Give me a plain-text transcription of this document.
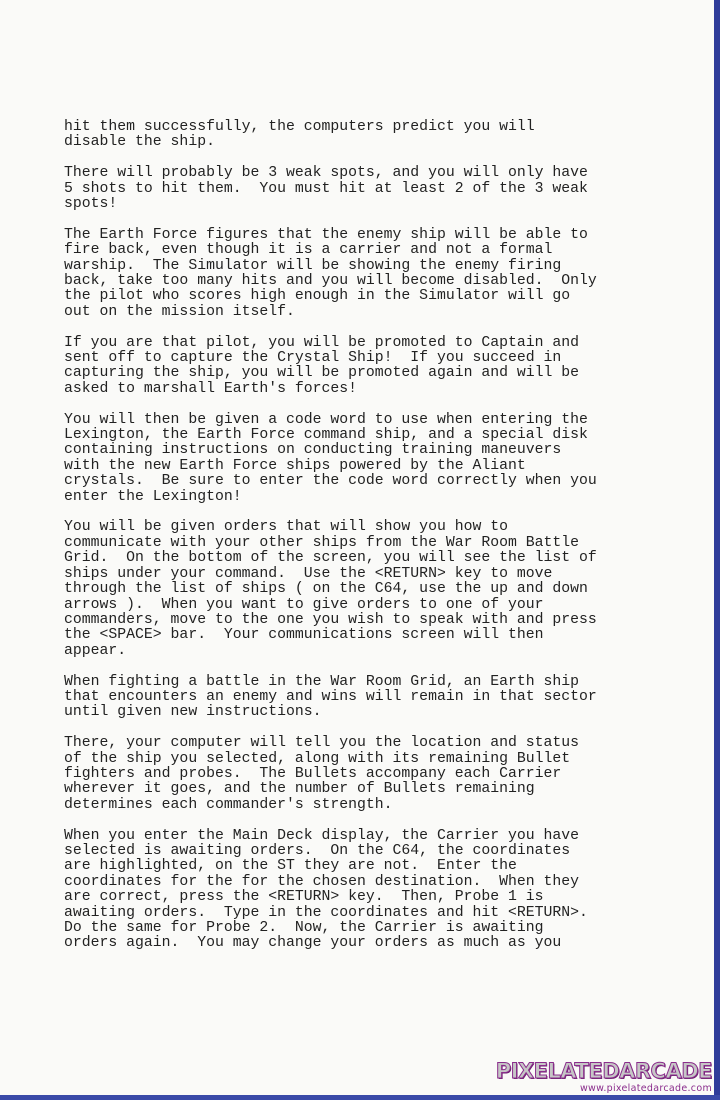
hit them successfully, the computers predict you will
disable the ship.

There will probably be 3 weak spots, and you will only have
5 shots to hit them.  You must hit at least 2 of the 3 weak
spots!

The Earth Force figures that the enemy ship will be able to
fire back, even though it is a carrier and not a formal
warship.  The Simulator will be showing the enemy firing
back, take too many hits and you will become disabled.  Only
the pilot who scores high enough in the Simulator will go
out on the mission itself.

If you are that pilot, you will be promoted to Captain and
sent off to capture the Crystal Ship!  If you succeed in
capturing the ship, you will be promoted again and will be
asked to marshall Earth's forces!

You will then be given a code word to use when entering the
Lexington, the Earth Force command ship, and a special disk
containing instructions on conducting training maneuvers
with the new Earth Force ships powered by the Aliant
crystals.  Be sure to enter the code word correctly when you
enter the Lexington!

You will be given orders that will show you how to
communicate with your other ships from the War Room Battle
Grid.  On the bottom of the screen, you will see the list of
ships under your command.  Use the <RETURN> key to move
through the list of ships ( on the C64, use the up and down
arrows ).  When you want to give orders to one of your
commanders, move to the one you wish to speak with and press
the <SPACE> bar.  Your communications screen will then
appear.

When fighting a battle in the War Room Grid, an Earth ship
that encounters an enemy and wins will remain in that sector
until given new instructions.

There, your computer will tell you the location and status
of the ship you selected, along with its remaining Bullet
fighters and probes.  The Bullets accompany each Carrier
wherever it goes, and the number of Bullets remaining
determines each commander's strength.

When you enter the Main Deck display, the Carrier you have
selected is awaiting orders.  On the C64, the coordinates
are highlighted, on the ST they are not.  Enter the
coordinates for the for the chosen destination.  When they
are correct, press the <RETURN> key.  Then, Probe 1 is
awaiting orders.  Type in the coordinates and hit <RETURN>.
Do the same for Probe 2.  Now, the Carrier is awaiting
orders again.  You may change your orders as much as you

PIXELATEDARCADE
www.pixelatedarcade.com
